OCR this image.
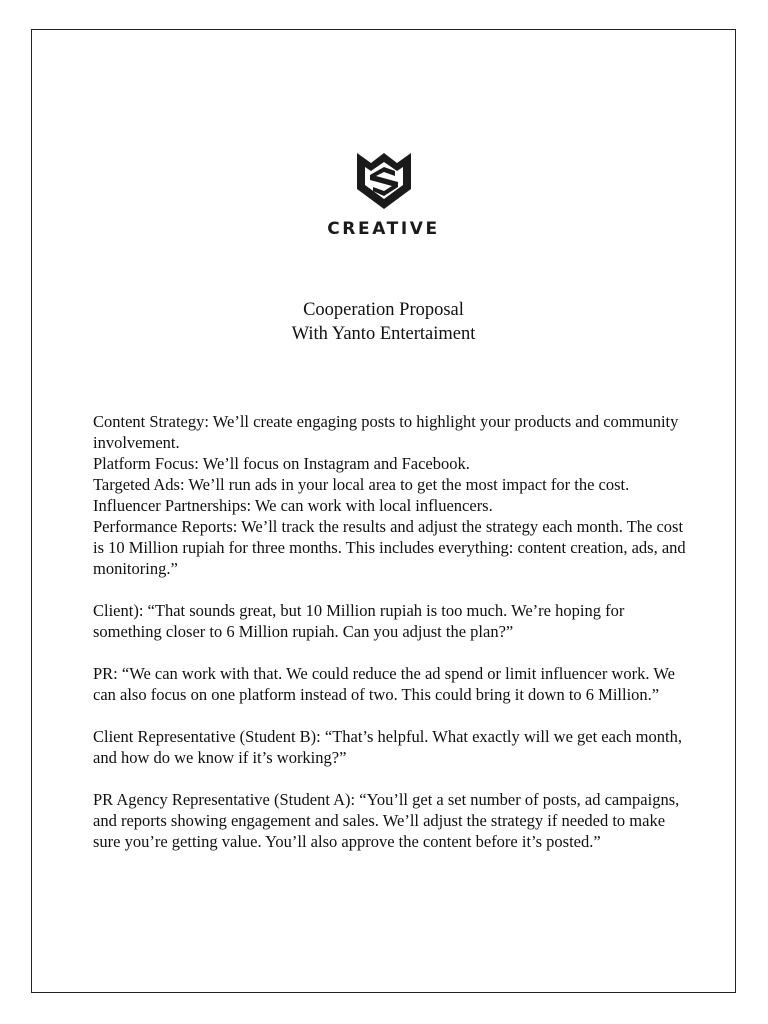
CREATIVE
Cooperation Proposal
With Yanto Entertaiment

Content Strategy: We’ll create engaging posts to highlight your products and community involvement.

Platform Focus: We’ll focus on Instagram and Facebook.

Targeted Ads: We’ll run ads in your local area to get the most impact for the cost.

Influencer Partnerships: We can work with local influencers.

Performance Reports: We’ll track the results and adjust the strategy each month. The cost is 10 Million rupiah for three months. This includes everything: content creation, ads, and monitoring.”

Client): “That sounds great, but 10 Million rupiah is too much. We’re hoping for something closer to 6 Million rupiah. Can you adjust the plan?”

PR: “We can work with that. We could reduce the ad spend or limit influencer work. We can also focus on one platform instead of two. This could bring it down to 6 Million.”

Client Representative (Student B): “That’s helpful. What exactly will we get each month, and how do we know if it’s working?”

PR Agency Representative (Student A): “You’ll get a set number of posts, ad campaigns, and reports showing engagement and sales. We’ll adjust the strategy if needed to make sure you’re getting value. You’ll also approve the content before it’s posted.”
